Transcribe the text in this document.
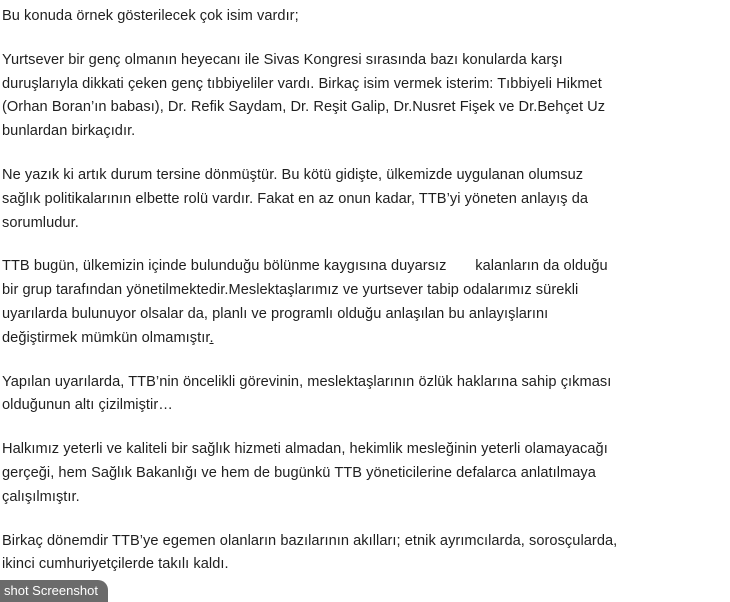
Bu konuda örnek gösterilecek çok isim vardır;

Yurtsever bir genç olmanın heyecanı ile Sivas Kongresi sırasında bazı konularda karşı
duruşlarıyla dikkati çeken genç tıbbiyeliler vardı. Birkaç isim vermek isterim: Tıbbiyeli Hikmet
(Orhan Boran’ın babası), Dr. Refik Saydam, Dr. Reşit Galip, Dr.Nusret Fişek ve Dr.Behçet Uz
bunlardan birkaçıdır.

Ne yazık ki artık durum tersine dönmüştür. Bu kötü gidişte, ülkemizde uygulanan olumsuz
sağlık politikalarının elbette rolü vardır. Fakat en az onun kadar, TTB’yi yöneten anlayış da
sorumludur.

TTB bugün, ülkemizin içinde bulunduğu bölünme kaygısına duyarsız       kalanların da olduğu
bir grup tarafından yönetilmektedir.Meslektaşlarımız ve yurtsever tabip odalarımız sürekli
uyarılarda bulunuyor olsalar da, planlı ve programlı olduğu anlaşılan bu anlayışlarını
değiştirmek mümkün olmamıştır.

Yapılan uyarılarda, TTB’nin öncelikli görevinin, meslektaşlarının özlük haklarına sahip çıkması
olduğunun altı çizilmiştir…

Halkımız yeterli ve kaliteli bir sağlık hizmeti almadan, hekimlik mesleğinin yeterli olamayacağı
gerçeği, hem Sağlık Bakanlığı ve hem de bugünkü TTB yöneticilerine defalarca anlatılmaya
çalışılmıştır.

Birkaç dönemdir TTB’ye egemen olanların bazılarının akılları; etnik ayrımcılarda, sorosçularda,
ikinci cumhuriyetçilerde takılı kaldı.

shot Screenshot
